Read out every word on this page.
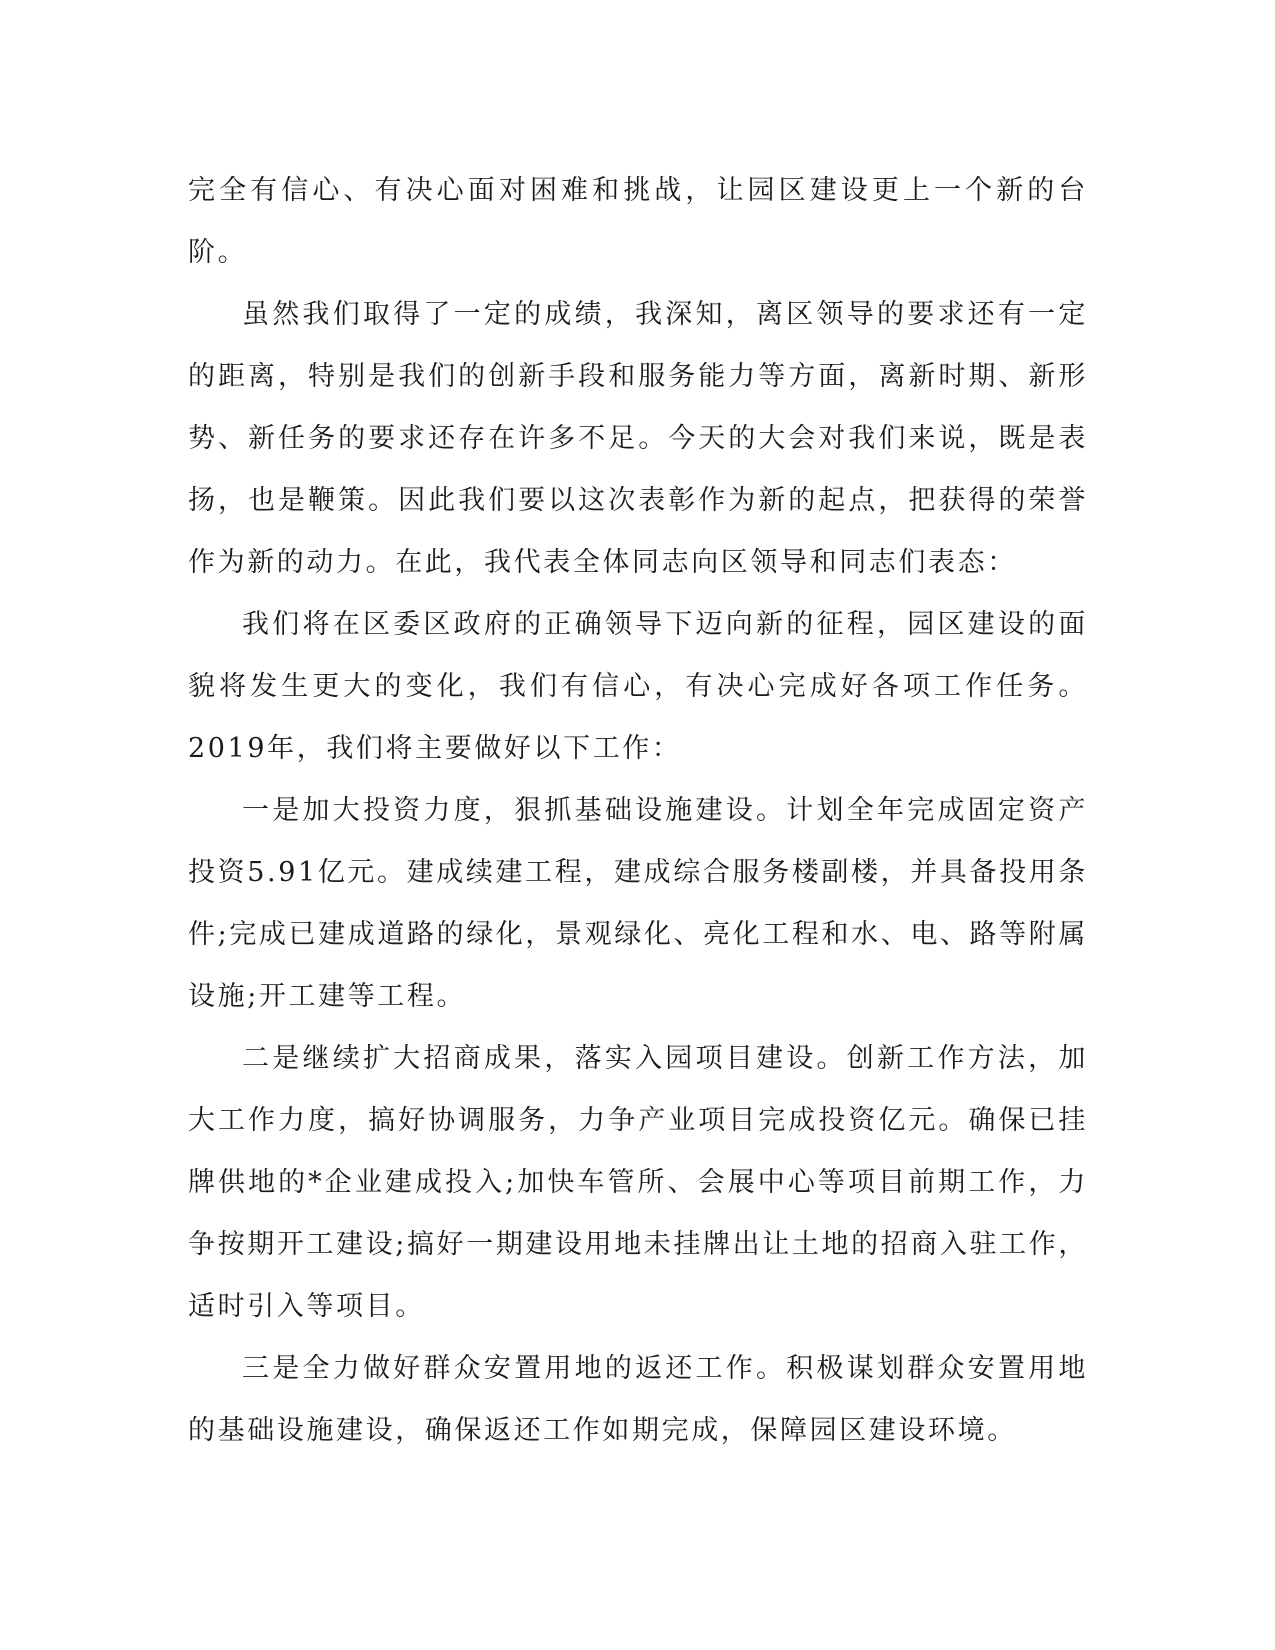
完全有信心、有决心面对困难和挑战，让园区建设更上一个新的台阶。

虽然我们取得了一定的成绩，我深知，离区领导的要求还有一定的距离，特别是我们的创新手段和服务能力等方面，离新时期、新形势、新任务的要求还存在许多不足。今天的大会对我们来说，既是表扬，也是鞭策。因此我们要以这次表彰作为新的起点，把获得的荣誉作为新的动力。在此，我代表全体同志向区领导和同志们表态：

我们将在区委区政府的正确领导下迈向新的征程，园区建设的面貌将发生更大的变化，我们有信心，有决心完成好各项工作任务。2019年，我们将主要做好以下工作：

一是加大投资力度，狠抓基础设施建设。计划全年完成固定资产投资5.91亿元。建成续建工程，建成综合服务楼副楼，并具备投用条件;完成已建成道路的绿化，景观绿化、亮化工程和水、电、路等附属设施;开工建等工程。

二是继续扩大招商成果，落实入园项目建设。创新工作方法，加大工作力度，搞好协调服务，力争产业项目完成投资亿元。确保已挂牌供地的*企业建成投入;加快车管所、会展中心等项目前期工作，力争按期开工建设;搞好一期建设用地未挂牌出让土地的招商入驻工作，适时引入等项目。

三是全力做好群众安置用地的返还工作。积极谋划群众安置用地的基础设施建设，确保返还工作如期完成，保障园区建设环境。
